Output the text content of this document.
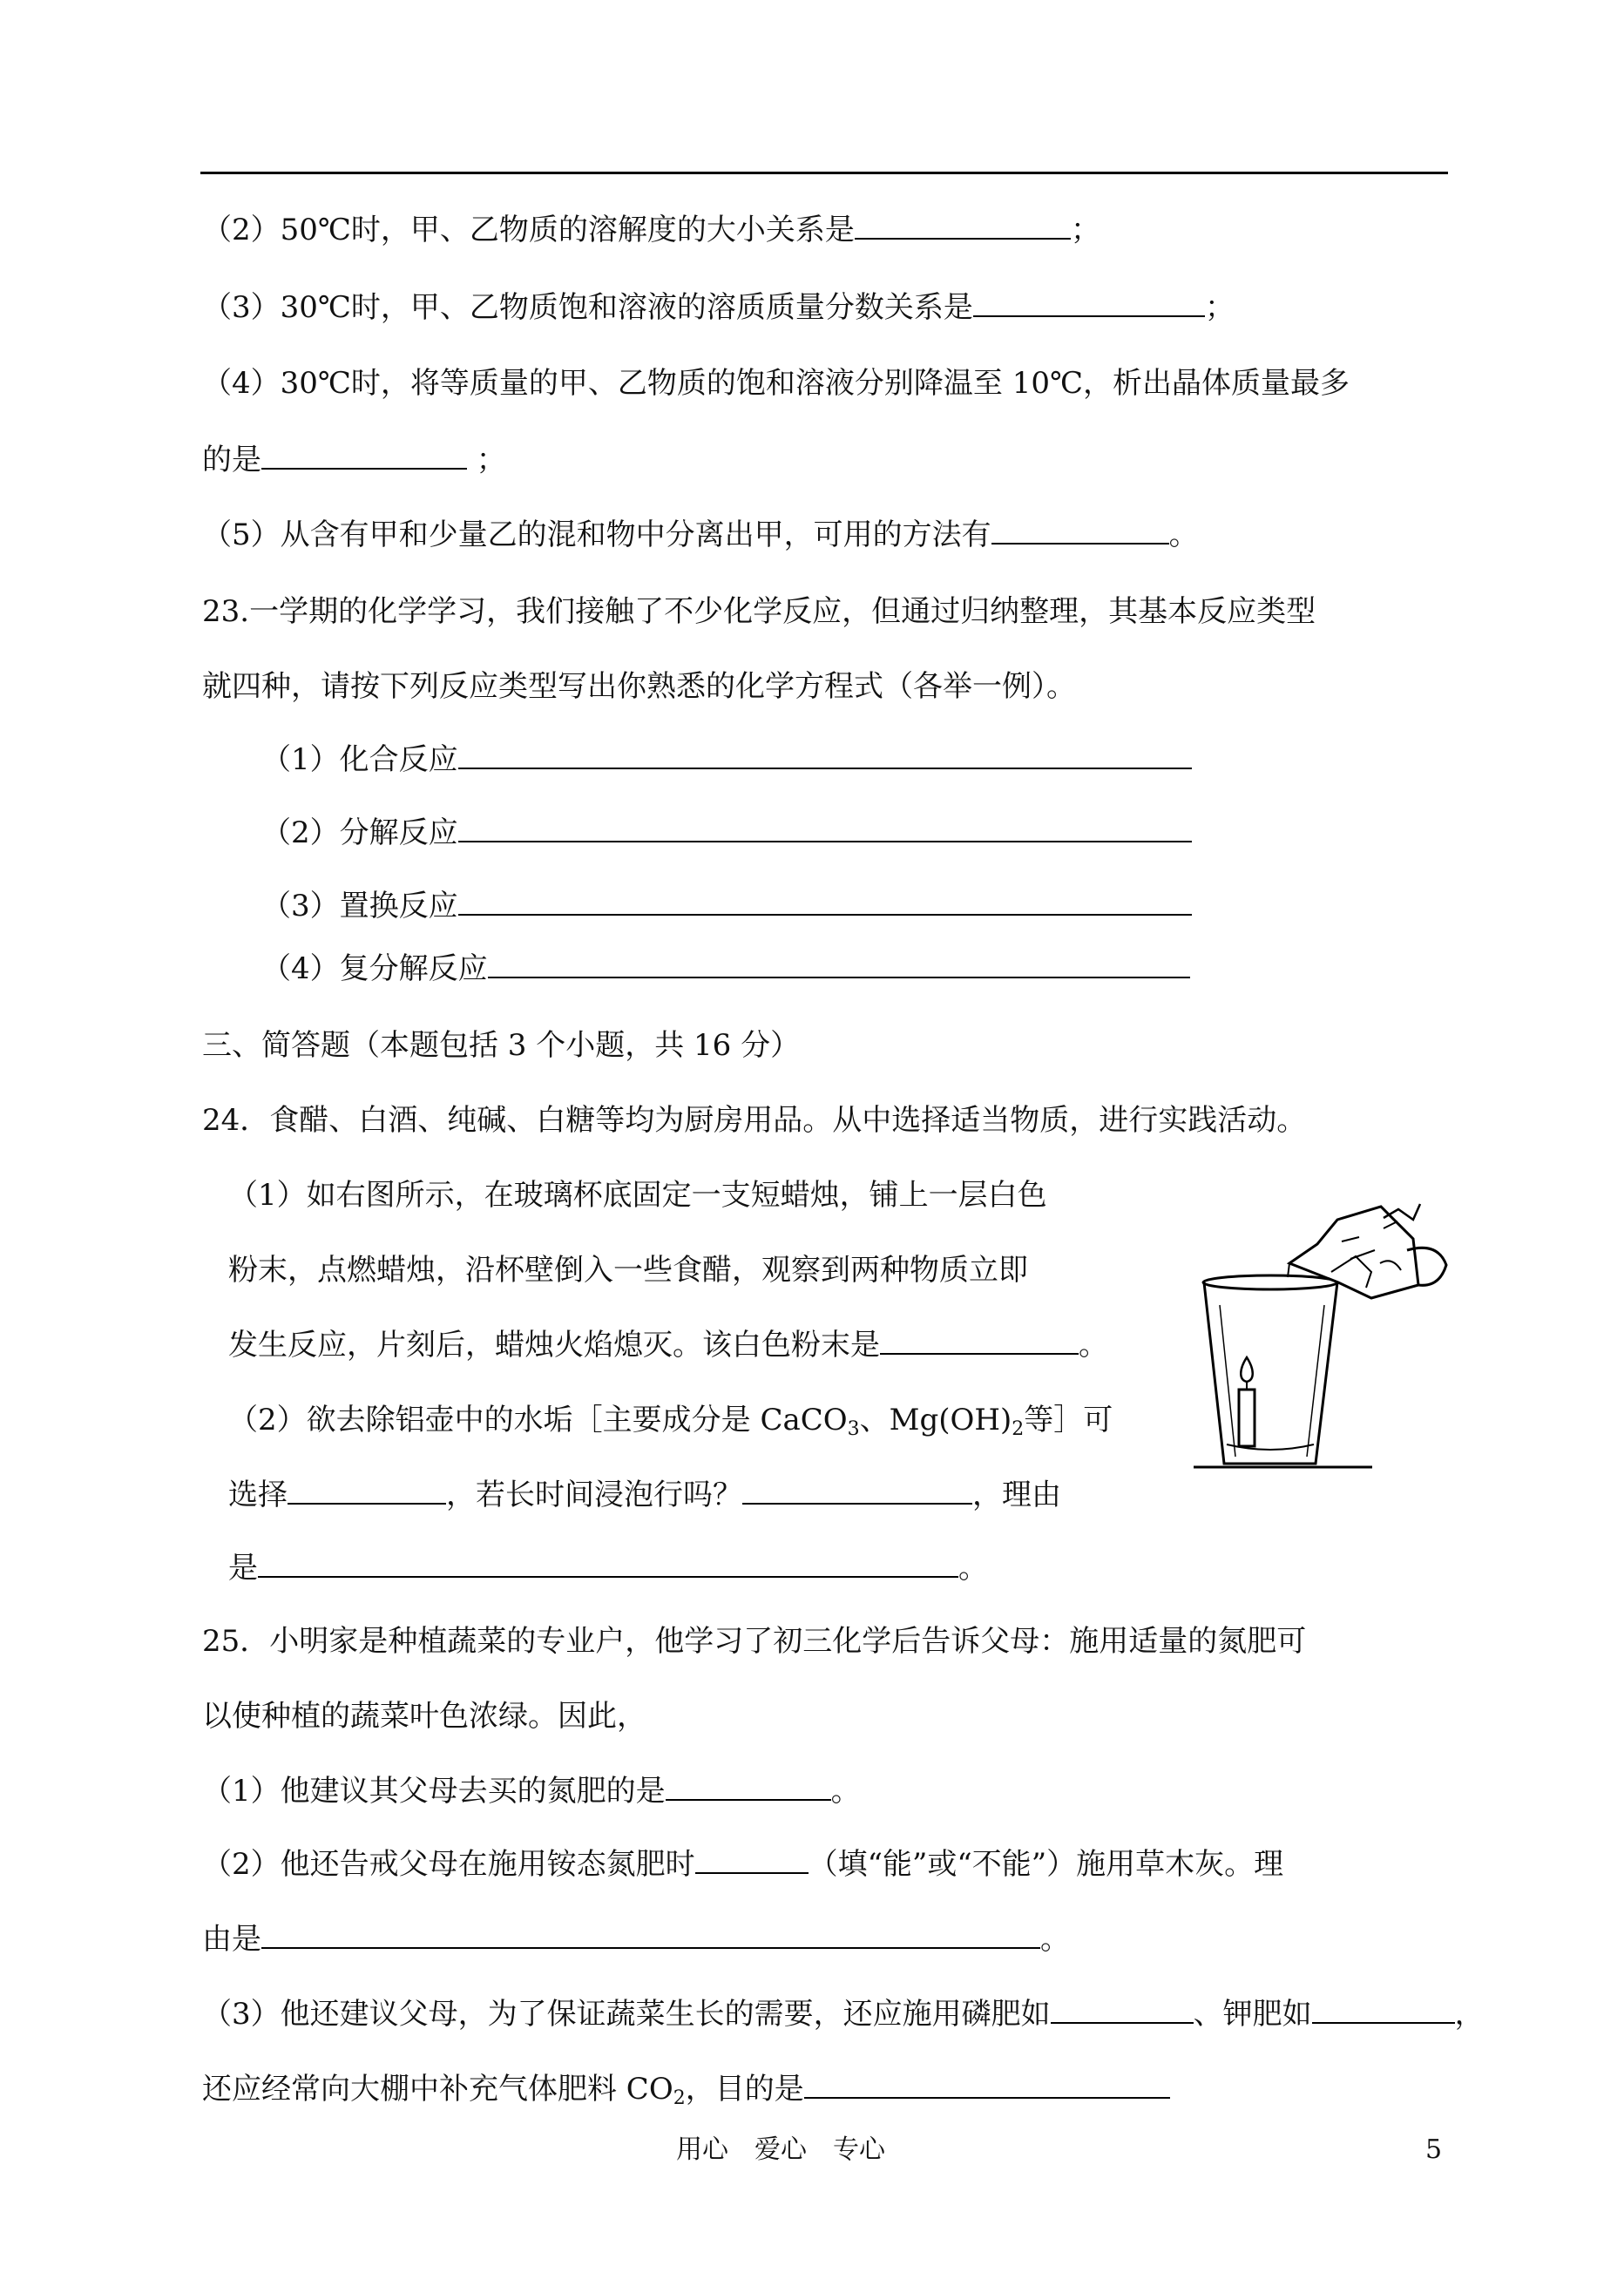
（2）50℃时，甲、乙物质的溶解度的大小关系是	；
（3）30℃时，甲、乙物质饱和溶液的溶质质量分数关系是	；
（4）30℃时，将等质量的甲、乙物质的饱和溶液分别降温至 10℃，析出晶体质量最多
的是	；
（5）从含有甲和少量乙的混和物中分离出甲，可用的方法有	。
23.一学期的化学学习，我们接触了不少化学反应，但通过归纳整理，其基本反应类型
就四种，请按下列反应类型写出你熟悉的化学方程式（各举一例）。
（1）化合反应
（2）分解反应
（3）置换反应
（4）复分解反应
三、简答题（本题包括 3 个小题，共 16 分）
24．食醋、白酒、纯碱、白糖等均为厨房用品。从中选择适当物质，进行实践活动。
（1）如右图所示，在玻璃杯底固定一支短蜡烛，铺上一层白色
粉末，点燃蜡烛，沿杯壁倒入一些食醋，观察到两种物质立即
发生反应，片刻后，蜡烛火焰熄灭。该白色粉末是	。
（2）欲去除铝壶中的水垢［主要成分是 CaCO$_3$、$Mg(OH)_2$等］可
选择	，若长时间浸泡行吗？	，理由
是	。
25．小明家是种植蔬菜的专业户，他学习了初三化学后告诉父母：施用适量的氮肥可
以使种植的蔬菜叶色浓绿。因此，
（1）他建议其父母去买的氮肥的是	。
（2）他还告戒父母在施用铵态氮肥时	（填“能”或“不能”）施用草木灰。理
由是	。
（3）他还建议父母，为了保证蔬菜生长的需要，还应施用磷肥如	、钾肥如	，
还应经常向大棚中补充气体肥料 $CO_2$，目的是
用心　爱心　专心	5
